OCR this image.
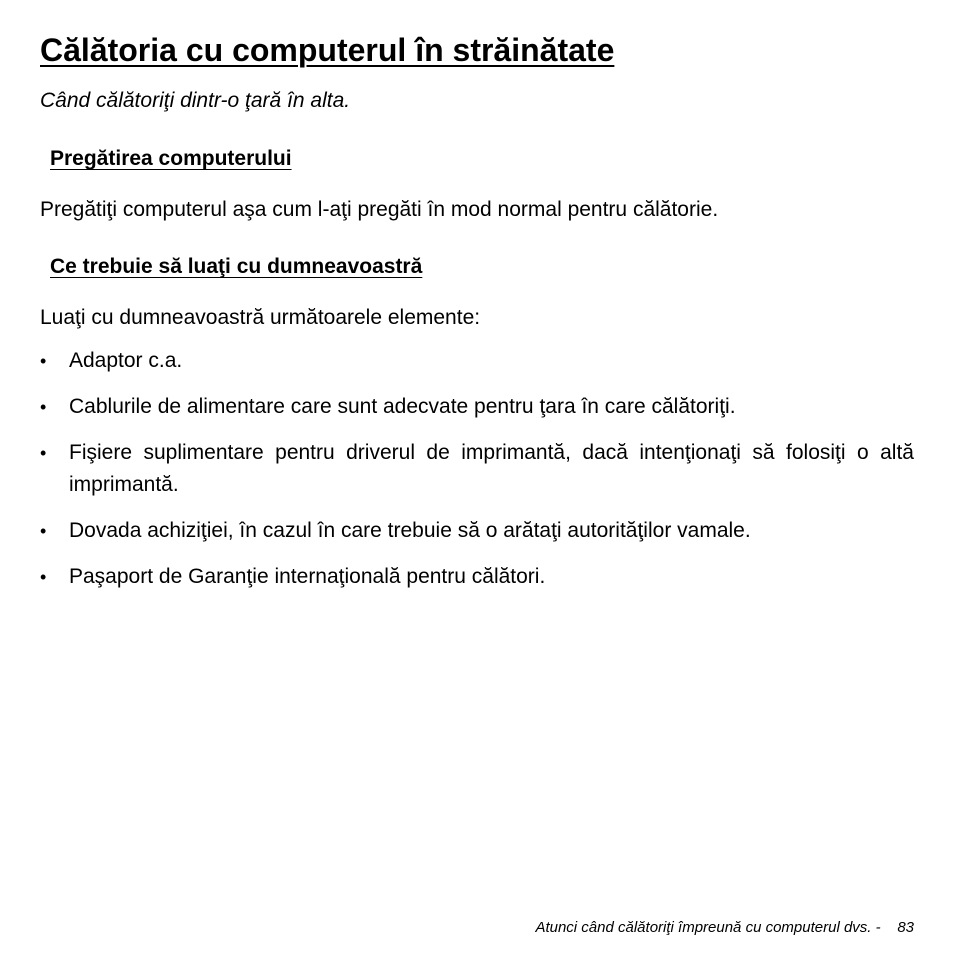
Călătoria cu computerul în străinătate

Când călătoriţi dintr-o ţară în alta.

Pregătirea computerului

Pregătiţi computerul aşa cum l-aţi pregăti în mod normal pentru călătorie.

Ce trebuie să luaţi cu dumneavoastră

Luaţi cu dumneavoastră următoarele elemente:

• Adaptor c.a.
• Cablurile de alimentare care sunt adecvate pentru ţara în care călătoriţi.
• Fişiere suplimentare pentru driverul de imprimantă, dacă intenţionaţi să folosiţi o altă imprimantă.
• Dovada achiziţiei, în cazul în care trebuie să o arătaţi autorităţilor vamale.
• Paşaport de Garanţie internaţională pentru călători.
Atunci când călătoriţi împreună cu computerul dvs. - 83
